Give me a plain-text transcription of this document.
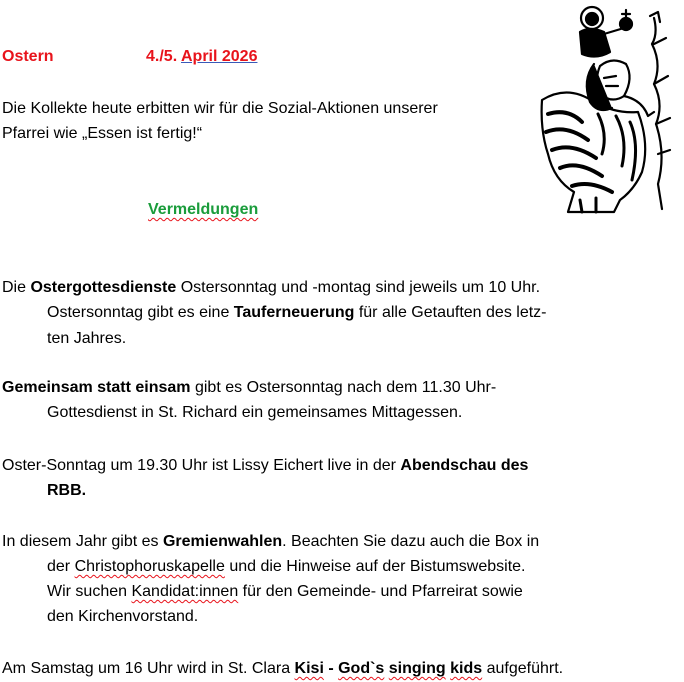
Ostern	4./5. April 2026
Die Kollekte heute erbitten wir für die Sozial-Aktionen unserer
Pfarrei wie „Essen ist fertig!“
Vermeldungen
Die Ostergottesdienste Ostersonntag und -montag sind jeweils um 10 Uhr.
Ostersonntag gibt es eine Tauferneuerung für alle Getauften des letz-
ten Jahres.
Gemeinsam statt einsam gibt es Ostersonntag nach dem 11.30 Uhr-
Gottesdienst in St. Richard ein gemeinsames Mittagessen.
Oster-Sonntag um 19.30 Uhr ist Lissy Eichert live in der Abendschau des
RBB.
In diesem Jahr gibt es Gremienwahlen. Beachten Sie dazu auch die Box in
der Christophoruskapelle und die Hinweise auf der Bistumswebsite.
Wir suchen Kandidat:innen für den Gemeinde- und Pfarreirat sowie
den Kirchenvorstand.
Am Samstag um 16 Uhr wird in St. Clara Kisi - God`s singing kids aufgeführt.
